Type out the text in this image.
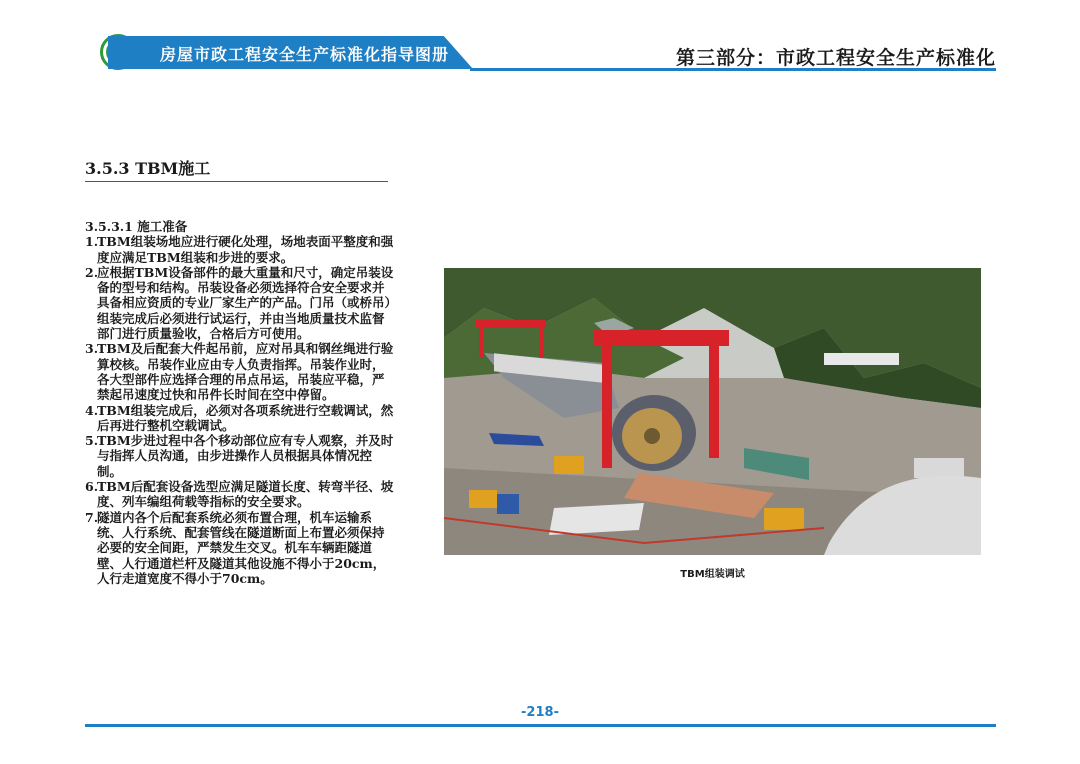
房屋市政工程安全生产标准化指导图册	第三部分：市政工程安全生产标准化
3.5.3 TBM施工
3.5.3.1 施工准备
1.
TBM组装场地应进行硬化处理，场地表面平整度和强度应满足TBM组装和步进的要求。
2.
应根据TBM设备部件的最大重量和尺寸，确定吊装设备的型号和结构。吊装设备必须选择符合安全要求并具备相应资质的专业厂家生产的产品。门吊（或桥吊）组装完成后必须进行试运行，并由当地质量技术监督部门进行质量验收，合格后方可使用。
3.
TBM及后配套大件起吊前，应对吊具和钢丝绳进行验算校核。吊装作业应由专人负责指挥。吊装作业时，各大型部件应选择合理的吊点吊运，吊装应平稳，严禁起吊速度过快和吊件长时间在空中停留。
4.
TBM组装完成后，必须对各项系统进行空载调试，然后再进行整机空载调试。
5.
TBM步进过程中各个移动部位应有专人观察，并及时与指挥人员沟通，由步进操作人员根据具体情况控制。
6.
TBM后配套设备选型应满足隧道长度、转弯半径、坡度、列车编组荷载等指标的安全要求。
7.
隧道内各个后配套系统必须布置合理，机车运输系统、人行系统、配套管线在隧道断面上布置必须保持必要的安全间距，严禁发生交叉。机车车辆距隧道壁、人行通道栏杆及隧道其他设施不得小于20cm，人行走道宽度不得小于70cm。	TBM组装调试
-218-
